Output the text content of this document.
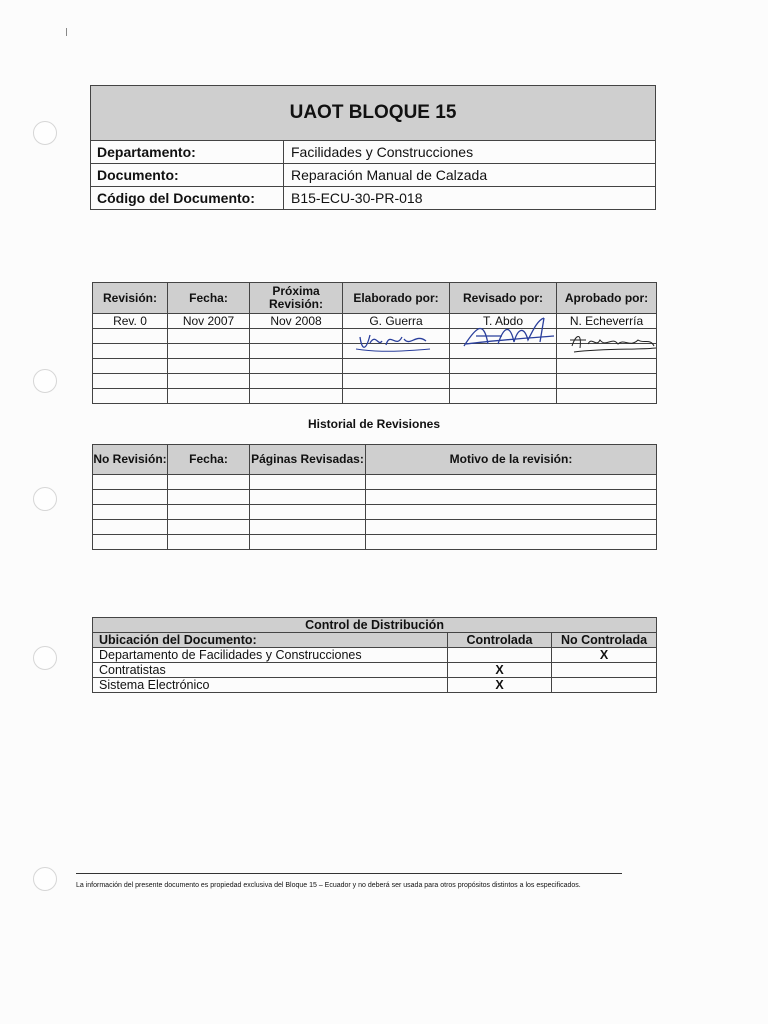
UAOT BLOQUE 15	
Departamento:	Facilidades y Construcciones
Documento:	Reparación Manual de Calzada
Código del Documento:	B15-ECU-30-PR-018
Revisión:	Fecha:	Próxima Revisión:	Elaborado por:	Revisado por:	Aprobado por:
Rev. 0	Nov 2007	Nov 2008	G. Guerra	T. Abdo	N. Echeverría

Historial de Revisiones
No Revisión:	Fecha:	Páginas Revisadas:	Motivo de la revisión:

Control de Distribución		
Ubicación del Documento:	Controlada	No Controlada
Departamento de Facilidades y Construcciones		X
Contratistas	X	
Sistema Electrónico	X	
La información del presente documento es propiedad exclusiva del Bloque 15 – Ecuador y no deberá ser usada para otros propósitos distintos a los especificados.
